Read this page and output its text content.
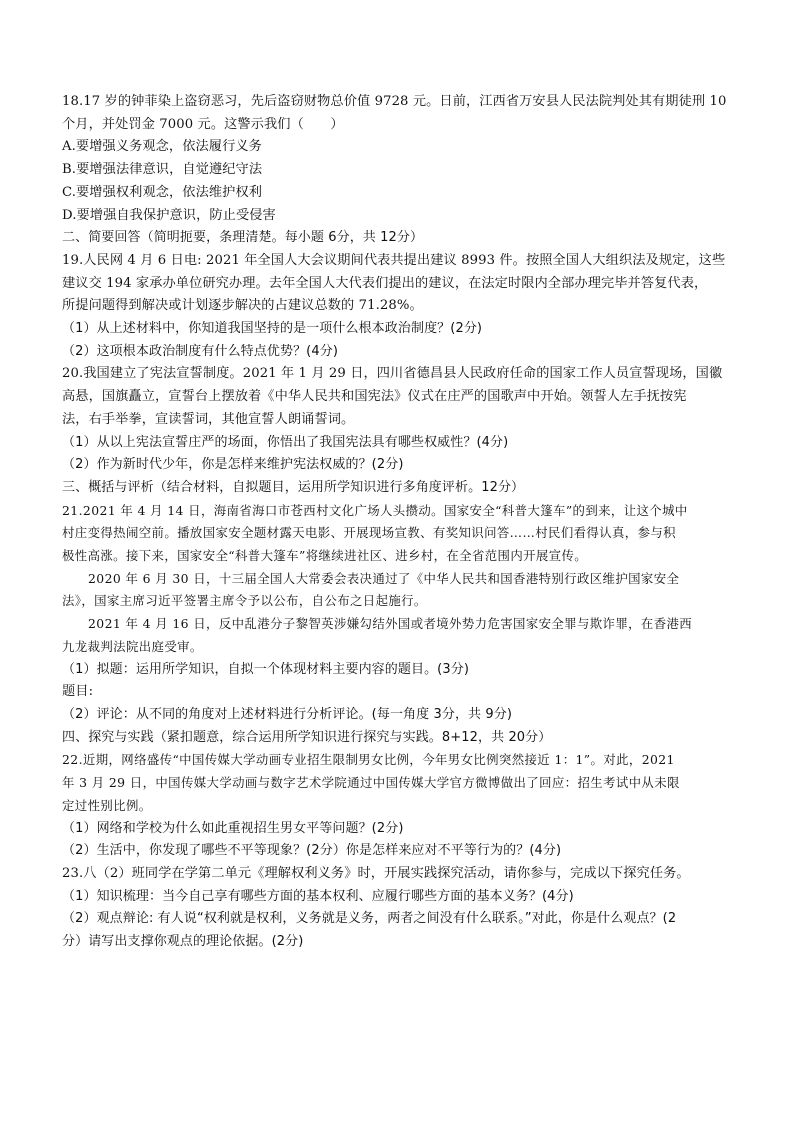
18.17 岁的钟菲染上盗窃恶习，先后盗窃财物总价值 9728 元。日前，江西省万安县人民法院判处其有期徒刑 10
个月，并处罚金 7000 元。这警示我们（　　）
A.要增强义务观念，依法履行义务
B.要增强法律意识，自觉遵纪守法
C.要增强权利观念，依法维护权利
D.要增强自我保护意识，防止受侵害
二、简要回答（简明扼要，条理清楚。每小题 6分，共 12分）
19.人民网 4 月 6 日电: 2021 年全国人大会议期间代表共提出建议 8993 件。按照全国人大组织法及规定，这些
建议交 194 家承办单位研究办理。去年全国人大代表们提出的建议，在法定时限内全部办理完毕并答复代表，
所提问题得到解决或计划逐步解决的占建议总数的 71.28%。
（1）从上述材料中，你知道我国坚持的是一项什么根本政治制度？(2分)
（2）这项根本政治制度有什么特点优势？(4分)
20.我国建立了宪法宣誓制度。2021 年 1 月 29 日，四川省德昌县人民政府任命的国家工作人员宣誓现场，国徽
高悬，国旗矗立，宣誓台上摆放着《中华人民共和国宪法》仪式在庄严的国歌声中开始。领誓人左手抚按宪
法，右手举拳，宣读誓词，其他宣誓人朗诵誓词。
（1）从以上宪法宣誓庄严的场面，你悟出了我国宪法具有哪些权威性？(4分)
（2）作为新时代少年，你是怎样来维护宪法权威的？(2分)
三、概括与评析（结合材料，自拟题目，运用所学知识进行多角度评析。12分）
21.2021 年 4 月 14 日，海南省海口市苍西村文化广场人头攒动。国家安全“科普大篷车”的到来，让这个城中
村庄变得热闹空前。播放国家安全题材露天电影、开展现场宣教、有奖知识问答……村民们看得认真，参与积
极性高涨。接下来，国家安全“科普大篷车”将继续进社区、进乡村，在全省范围内开展宣传。
2020 年 6 月 30 日，十三届全国人大常委会表决通过了《中华人民共和国香港特别行政区维护国家安全
法》，国家主席习近平签署主席令予以公布，自公布之日起施行。
2021 年 4 月 16 日，反中乱港分子黎智英涉嫌勾结外国或者境外势力危害国家安全罪与欺诈罪，在香港西
九龙裁判法院出庭受审。
（1）拟题：运用所学知识，自拟一个体现材料主要内容的题目。(3分)
题目:
（2）评论：从不同的角度对上述材料进行分析评论。(每一角度 3分，共 9分)
四、探究与实践（紧扣题意，综合运用所学知识进行探究与实践。8+12，共 20分）
22.近期，网络盛传“中国传媒大学动画专业招生限制男女比例，今年男女比例突然接近 1：1”。对此，2021
年 3 月 29 日，中国传媒大学动画与数字艺术学院通过中国传媒大学官方微博做出了回应：招生考试中从未限
定过性别比例。
（1）网络和学校为什么如此重视招生男女平等问题？(2分)
（2）生活中，你发现了哪些不平等现象？(2分）你是怎样来应对不平等行为的？(4分)
23.八（2）班同学在学第二单元《理解权利义务》时，开展实践探究活动，请你参与，完成以下探究任务。
（1）知识梳理：当今自己享有哪些方面的基本权利、应履行哪些方面的基本义务？(4分)
（2）观点辩论: 有人说“权利就是权利，义务就是义务，两者之间没有什么联系。”对此，你是什么观点？(2
分）请写出支撑你观点的理论依据。(2分)
